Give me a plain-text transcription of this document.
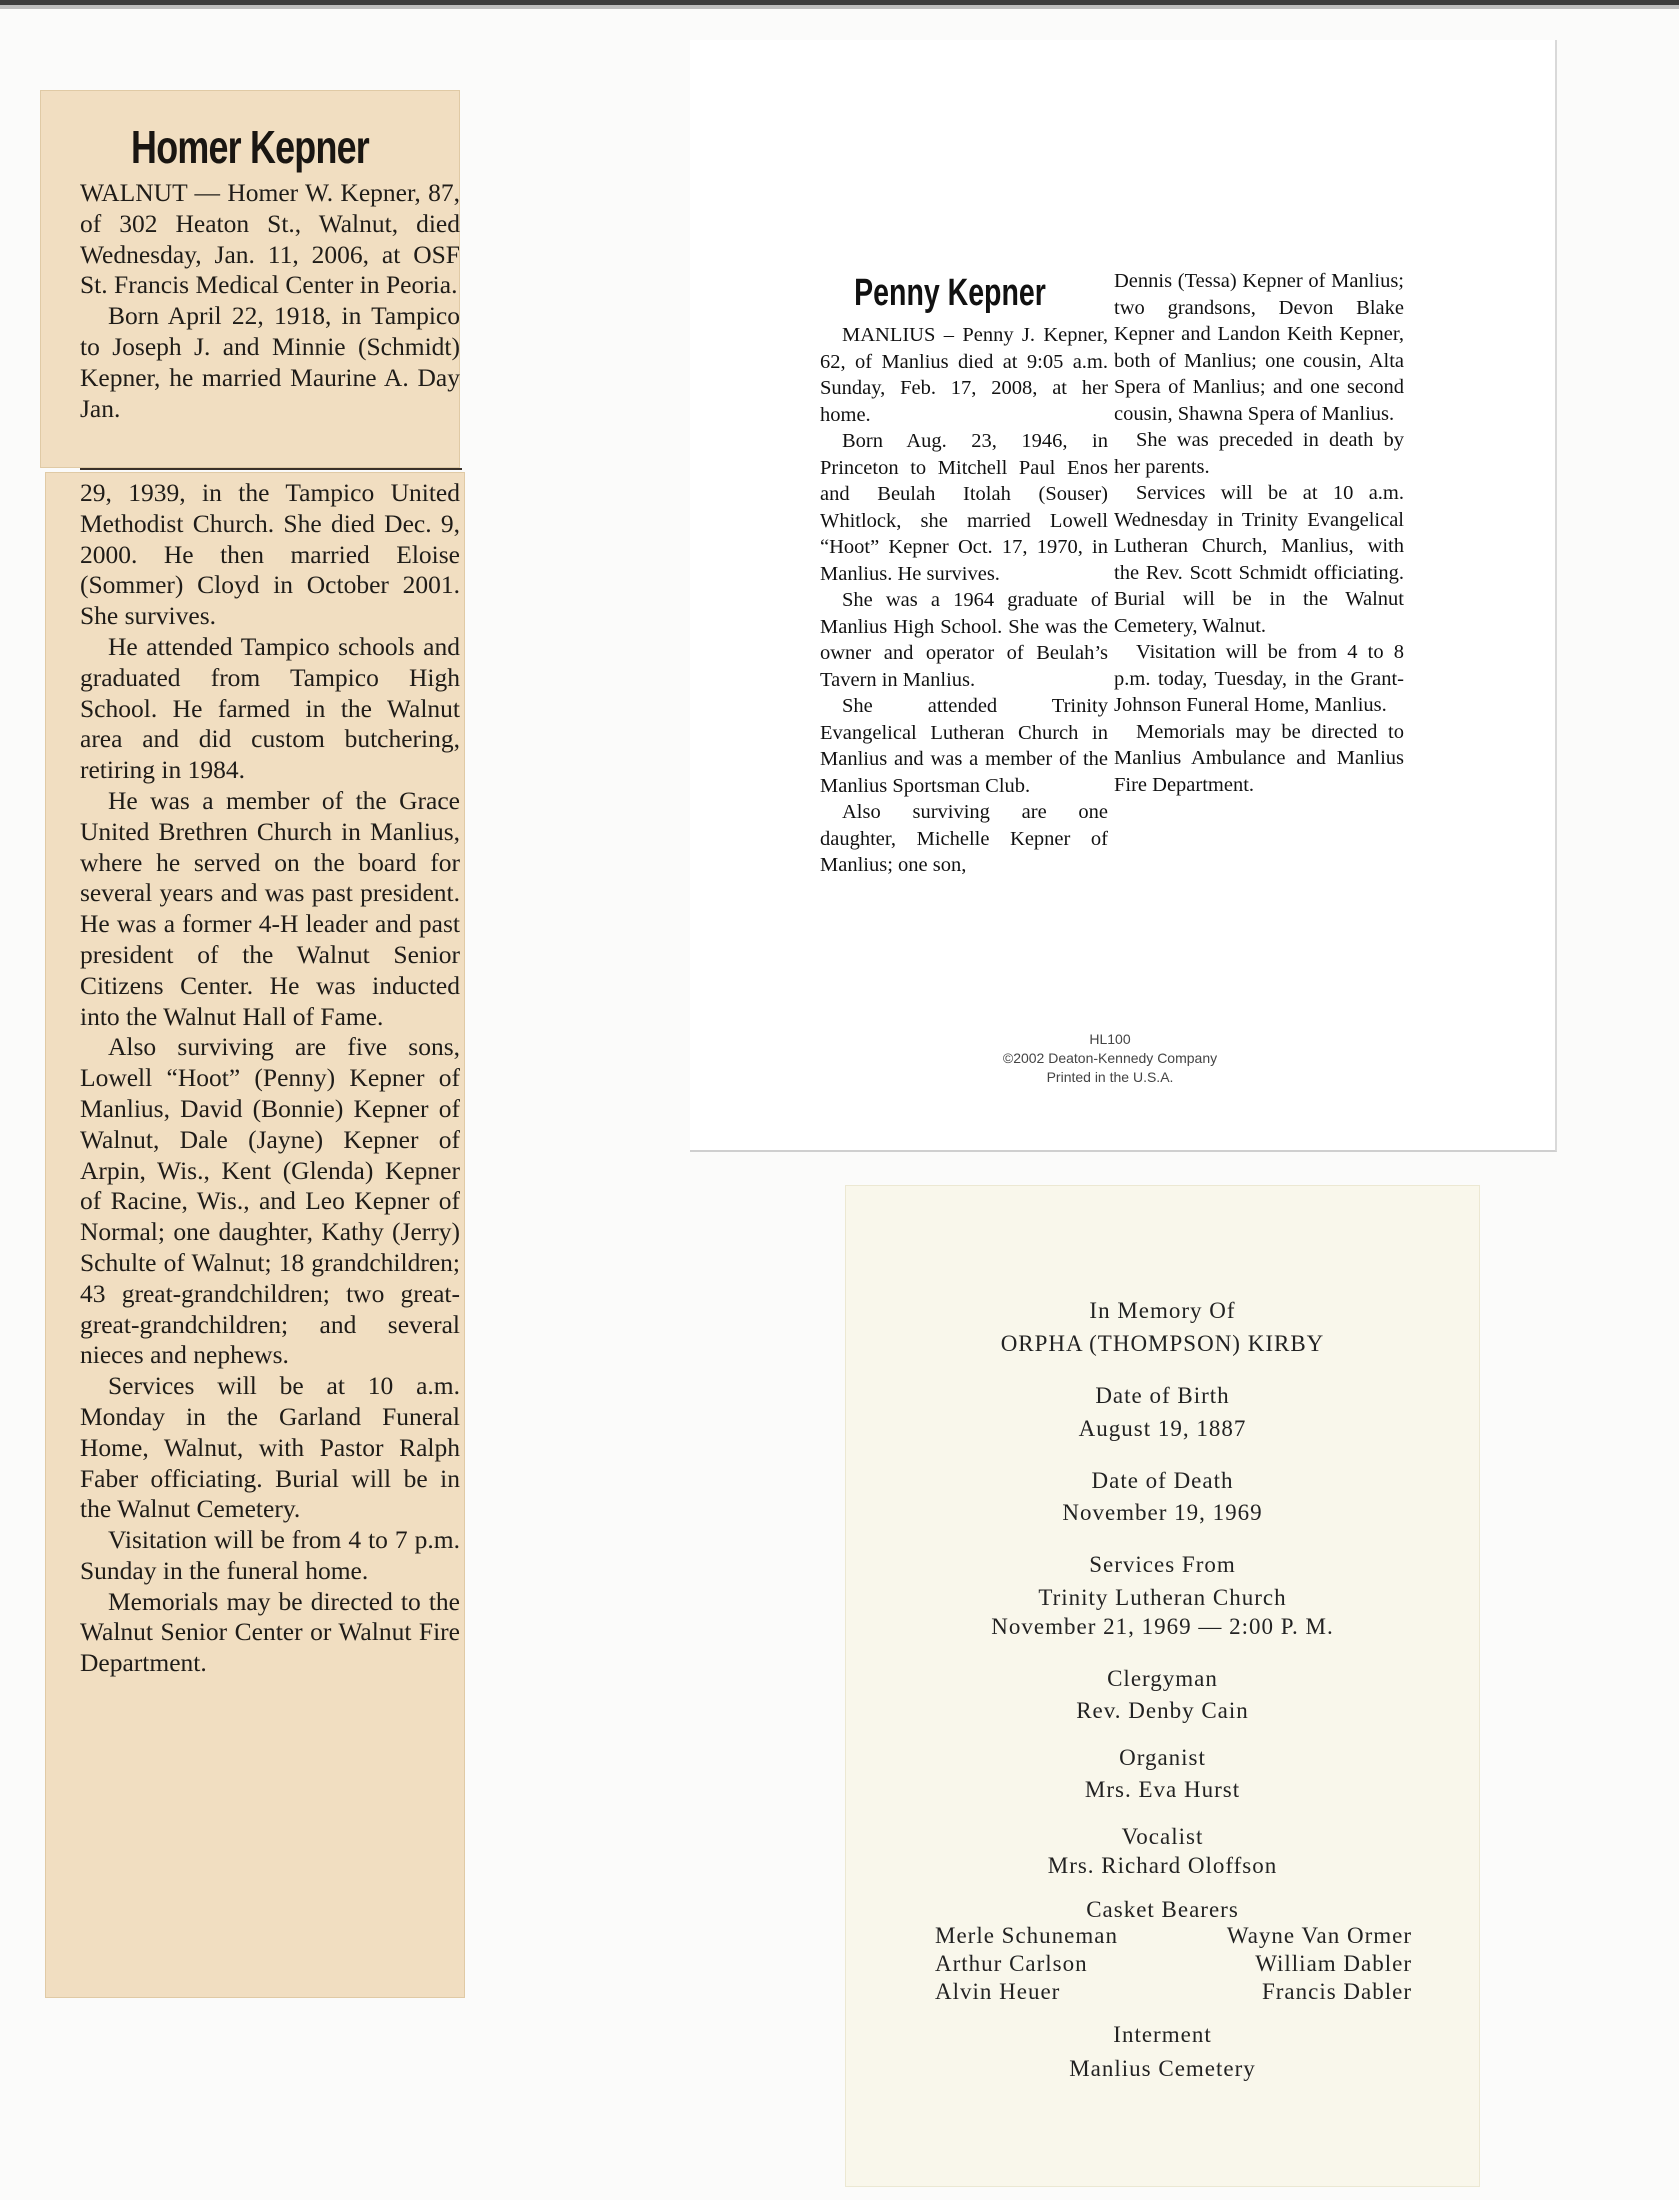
Homer Kepner

WALNUT — Homer W. Kepner, 87, of 302 Heaton St., Walnut, died Wednesday, Jan. 11, 2006, at OSF St. Francis Medical Center in Peoria.

Born April 22, 1918, in Tampico to Joseph J. and Minnie (Schmidt) Kepner, he married Maurine A. Day Jan.

29, 1939, in the Tampico United Methodist Church. She died Dec. 9, 2000. He then married Eloise (Sommer) Cloyd in October 2001. She survives.

He attended Tampico schools and graduated from Tampico High School. He farmed in the Walnut area and did custom butchering, retiring in 1984.

He was a member of the Grace United Brethren Church in Manlius, where he served on the board for several years and was past president. He was a former 4-H leader and past president of the Walnut Senior Citizens Center. He was inducted into the Walnut Hall of Fame.

Also surviving are five sons, Lowell “Hoot” (Penny) Kepner of Manlius, David (Bonnie) Kepner of Walnut, Dale (Jayne) Kepner of Arpin, Wis., Kent (Glenda) Kepner of Racine, Wis., and Leo Kepner of Normal; one daughter, Kathy (Jerry) Schulte of Walnut; 18 grandchildren; 43 great-grandchildren; two great-great-grandchildren; and several nieces and nephews.

Services will be at 10 a.m. Monday in the Garland Funeral Home, Walnut, with Pastor Ralph Faber officiating. Burial will be in the Walnut Cemetery.

Visitation will be from 4 to 7 p.m. Sunday in the funeral home.

Memorials may be directed to the Walnut Senior Center or Walnut Fire Department.

Penny Kepner

MANLIUS – Penny J. Kepner, 62, of Manlius died at 9:05 a.m. Sunday, Feb. 17, 2008, at her home.

Born Aug. 23, 1946, in Princeton to Mitchell Paul Enos and Beulah Itolah (Souser) Whitlock, she married Lowell “Hoot” Kepner Oct. 17, 1970, in Manlius. He survives.

She was a 1964 graduate of Manlius High School. She was the owner and operator of Beulah’s Tavern in Manlius.

She attended Trinity Evangelical Lutheran Church in Manlius and was a member of the Manlius Sportsman Club.

Also surviving are one daughter, Michelle Kepner of Manlius; one son,

Dennis (Tessa) Kepner of Manlius; two grandsons, Devon Blake Kepner and Landon Keith Kepner, both of Manlius; one cousin, Alta Spera of Manlius; and one second cousin, Shawna Spera of Manlius.

She was preceded in death by her parents.

Services will be at 10 a.m. Wednesday in Trinity Evangelical Lutheran Church, Manlius, with the Rev. Scott Schmidt officiating. Burial will be in the Walnut Cemetery, Walnut.

Visitation will be from 4 to 8 p.m. today, Tuesday, in the Grant-Johnson Funeral Home, Manlius.

Memorials may be directed to Manlius Ambulance and Manlius Fire Department.

HL100
©2002 Deaton-Kennedy Company
Printed in the U.S.A.
In Memory Of
ORPHA (THOMPSON) KIRBY
Date of Birth
August 19, 1887
Date of Death
November 19, 1969
Services From
Trinity Lutheran Church
November 21, 1969 — 2:00 P. M.
Clergyman
Rev. Denby Cain
Organist
Mrs. Eva Hurst
Vocalist
Mrs. Richard Oloffson
Casket Bearers
Merle Schuneman
Arthur Carlson
Alvin Heuer
Wayne Van Ormer
William Dabler
Francis Dabler
Interment
Manlius Cemetery
